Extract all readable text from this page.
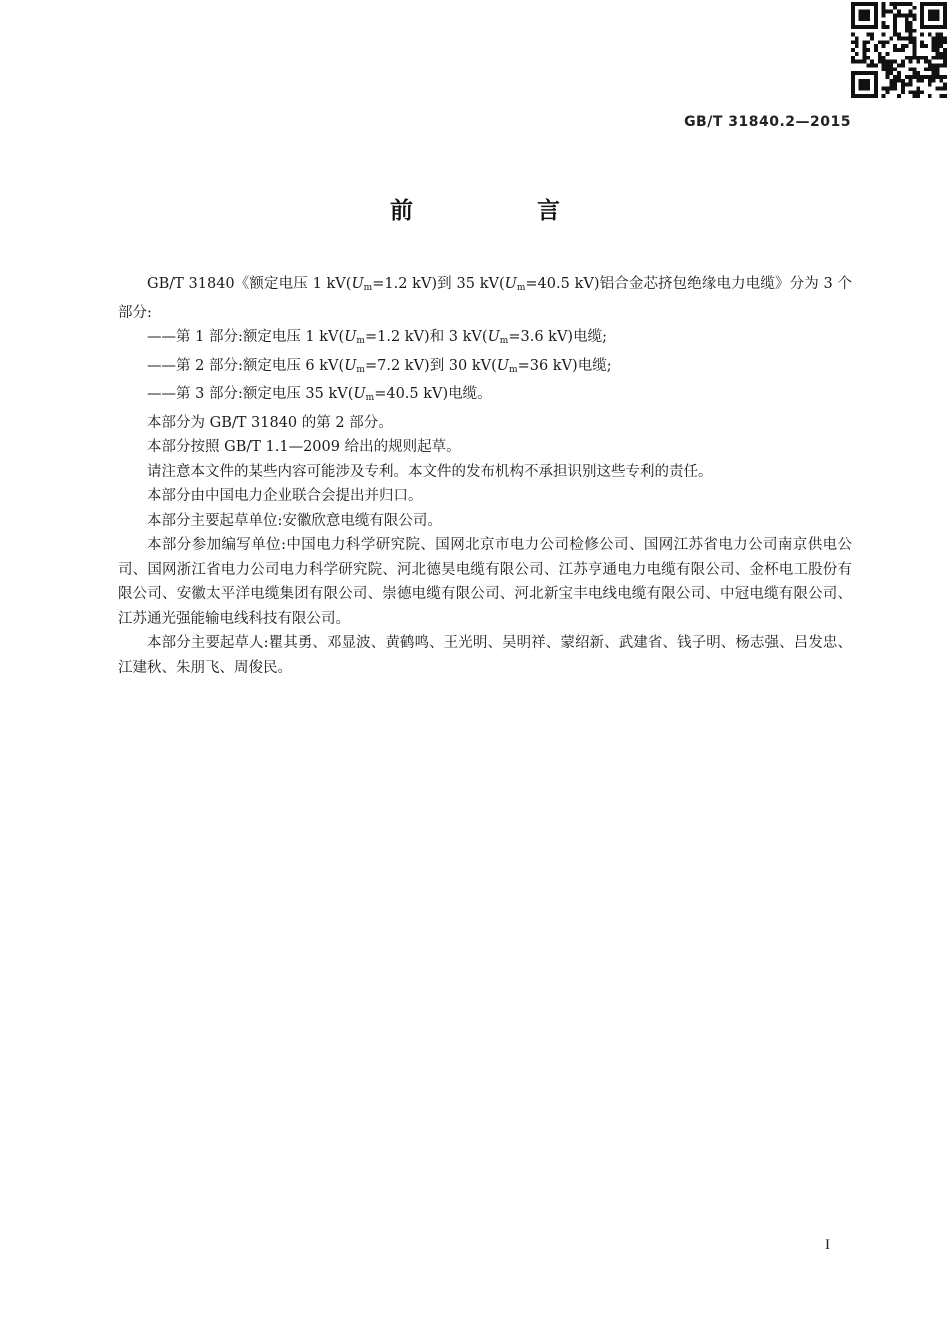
GB/T 31840.2—2015
前 言

GB/T 31840《额定电压 1 $kV(U_m=1.2$ kV)到 35 $kV(U_m=40.5$ kV)铝合金芯挤包绝缘电力电缆》分为 3 个部分:

——第 1 部分:额定电压 1 $kV(U_m=1.2$ kV)和 3 $kV(U_m=3.6$ kV)电缆;

——第 2 部分:额定电压 6 $kV(U_m=7.2$ kV)到 30 $kV(U_m=36$ kV)电缆;

——第 3 部分:额定电压 35 $kV(U_m=40.5$ kV)电缆。

本部分为 GB/T 31840 的第 2 部分。

本部分按照 GB/T 1.1—2009 给出的规则起草。

请注意本文件的某些内容可能涉及专利。本文件的发布机构不承担识别这些专利的责任。

本部分由中国电力企业联合会提出并归口。

本部分主要起草单位:安徽欣意电缆有限公司。

本部分参加编写单位:中国电力科学研究院、国网北京市电力公司检修公司、国网江苏省电力公司南京供电公司、国网浙江省电力公司电力科学研究院、河北德昊电缆有限公司、江苏亨通电力电缆有限公司、金杯电工股份有限公司、安徽太平洋电缆集团有限公司、崇德电缆有限公司、河北新宝丰电线电缆有限公司、中冠电缆有限公司、江苏通光强能输电线科技有限公司。

本部分主要起草人:瞿其勇、邓显波、黄鹤鸣、王光明、吴明祥、蒙绍新、武建省、钱子明、杨志强、吕发忠、江建秋、朱朋飞、周俊民。

I
